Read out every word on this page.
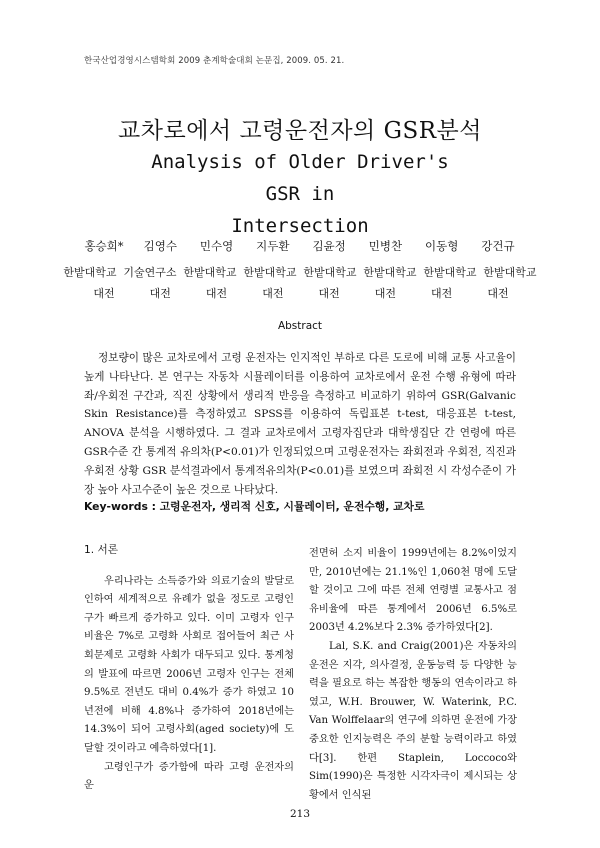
한국산업경영시스템학회 2009 춘계학술대회 논문집, 2009. 05. 21.
교차로에서 고령운전자의 GSR분석
Analysis of Older Driver's GSR in
Intersection
홍승희*	김영수	민수영	지두환	김윤정	민병찬	이동형	강건규
한밭대학교 기술연구소 한밭대학교 한밭대학교 한밭대학교 한밭대학교 한밭대학교 한밭대학교
대전	대전	대전	대전	대전	대전	대전	대전
Abstract

정보량이 많은 교차로에서 고령 운전자는 인지적인 부하로 다른 도로에 비해 교통 사고율이 높게 나타난다. 본 연구는 자동차 시뮬레이터를 이용하여 교차로에서 운전 수행 유형에 따라 좌/우회전 구간과, 직진 상황에서 생리적 반응을 측정하고 비교하기 위하여 GSR(Galvanic Skin Resistance)를 측정하였고 SPSS를 이용하여 독립표본 t-test, 대응표본 t-test, ANOVA 분석을 시행하였다. 그 결과 교차로에서 고령자집단과 대학생집단 간 연령에 따른 GSR수준 간 통계적 유의차(P<0.01)가 인정되었으며 고령운전자는 좌회전과 우회전, 직진과 우회전 상황 GSR 분석결과에서 통계적유의차(P<0.01)를 보였으며 좌회전 시 각성수준이 가장 높아 사고수준이 높은 것으로 나타났다.

Key-words : 고령운전자, 생리적 신호, 시뮬레이터, 운전수행, 교차로

1. 서론

우리나라는 소득증가와 의료기술의 발달로 인하여 세계적으로 유례가 없을 정도로 고령인구가 빠르게 증가하고 있다. 이미 고령자 인구 비율은 7%로 고령화 사회로 접어들어 최근 사회문제로 고령화 사회가 대두되고 있다. 통계청의 발표에 따르면 2006년 고령자 인구는 전체 9.5%로 전년도 대비 0.4%가 증가 하였고 10년전에 비해 4.8%나 증가하여 2018년에는 14.3%이 되어 고령사회(aged society)에 도달할 것이라고 예측하였다[1].

고령인구가 증가함에 따라 고령 운전자의 운

전면허 소지 비율이 1999년에는 8.2%이었지만, 2010년에는 21.1%인 1,060천 명에 도달할 것이고 그에 따른 전체 연령별 교통사고 점유비율에 따른 통계에서 2006년 6.5%로 2003년 4.2%보다 2.3% 증가하였다[2].

Lal, S.K. and Craig(2001)은 자동차의 운전은 지각, 의사결정, 운동능력 등 다양한 능력을 필요로 하는 복잡한 행동의 연속이라고 하였고, W.H. Brouwer, W. Waterink, P.C. Van Wolffelaar의 연구에 의하면 운전에 가장 중요한 인지능력은 주의 분할 능력이라고 하였다[3]. 한편 Staplein, Loccoco와 Sim(1990)은 특정한 시각자극이 제시되는 상황에서 인식된

213
